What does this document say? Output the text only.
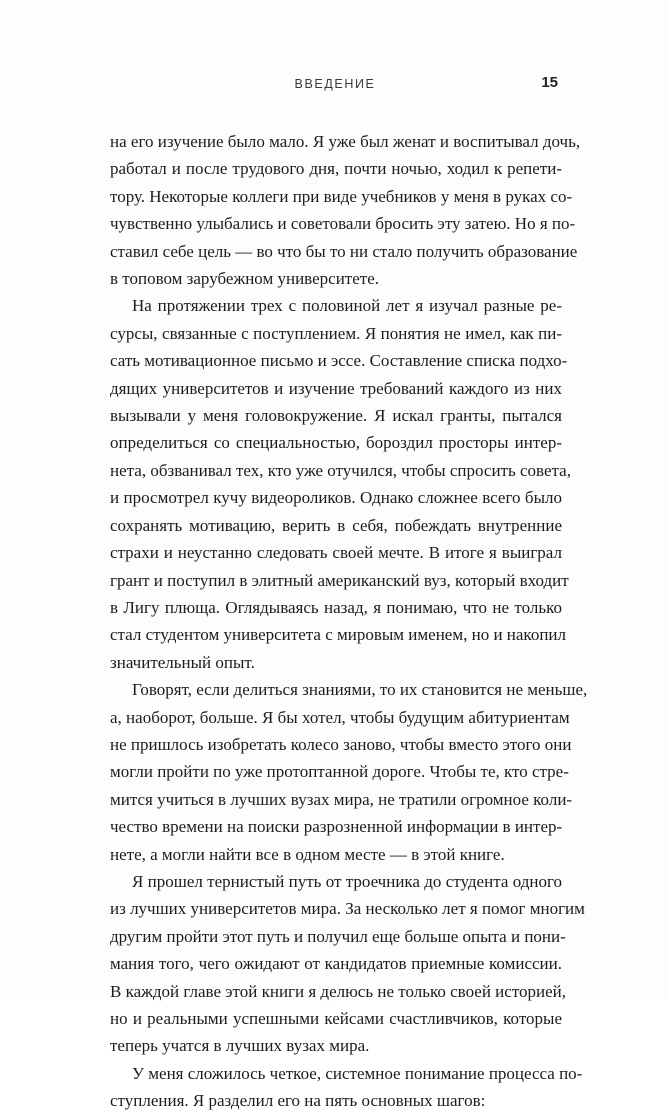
ВВЕДЕНИЕ	15
на его изучение было мало. Я уже был женат и воспитывал дочь,
работал и после трудового дня, почти ночью, ходил к репети-
тору. Некоторые коллеги при виде учебников у меня в руках со-
чувственно улыбались и советовали бросить эту затею. Но я по-
ставил себе цель — во что бы то ни стало получить образование
в топовом зарубежном университете.
На протяжении трех с половиной лет я изучал разные ре-
сурсы, связанные с поступлением. Я понятия не имел, как пи-
сать мотивационное письмо и эссе. Составление списка подхо-
дящих университетов и изучение требований каждого из них
вызывали у меня головокружение. Я искал гранты, пытался
определиться со специальностью, бороздил просторы интер-
нета, обзванивал тех, кто уже отучился, чтобы спросить совета,
и просмотрел кучу видеороликов. Однако сложнее всего было
сохранять мотивацию, верить в себя, побеждать внутренние
страхи и неустанно следовать своей мечте. В итоге я выиграл
грант и поступил в элитный американский вуз, который входит
в Лигу плюща. Оглядываясь назад, я понимаю, что не только
стал студентом университета с мировым именем, но и накопил
значительный опыт.
Говорят, если делиться знаниями, то их становится не меньше,
а, наоборот, больше. Я бы хотел, чтобы будущим абитуриентам
не пришлось изобретать колесо заново, чтобы вместо этого они
могли пройти по уже протоптанной дороге. Чтобы те, кто стре-
мится учиться в лучших вузах мира, не тратили огромное коли-
чество времени на поиски разрозненной информации в интер-
нете, а могли найти все в одном месте — в этой книге.
Я прошел тернистый путь от троечника до студента одного
из лучших университетов мира. За несколько лет я помог многим
другим пройти этот путь и получил еще больше опыта и пони-
мания того, чего ожидают от кандидатов приемные комиссии.
В каждой главе этой книги я делюсь не только своей историей,
но и реальными успешными кейсами счастливчиков, которые
теперь учатся в лучших вузах мира.
У меня сложилось четкое, системное понимание процесса по-
ступления. Я разделил его на пять основных шагов:
